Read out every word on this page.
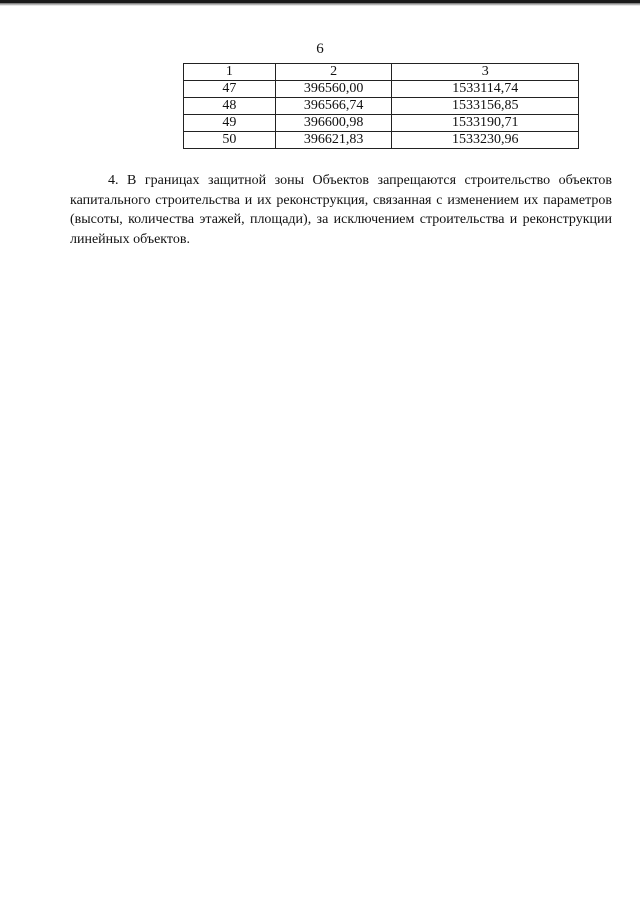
6
1	2	3
47	396560,00	1533114,74
48	396566,74	1533156,85
49	396600,98	1533190,71
50	396621,83	1533230,96

4. В границах защитной зоны Объектов запрещаются строительство объектов капитального строительства и их реконструкция, связанная с изменением их параметров (высоты, количества этажей, площади), за исключением строительства и реконструкции линейных объектов.
